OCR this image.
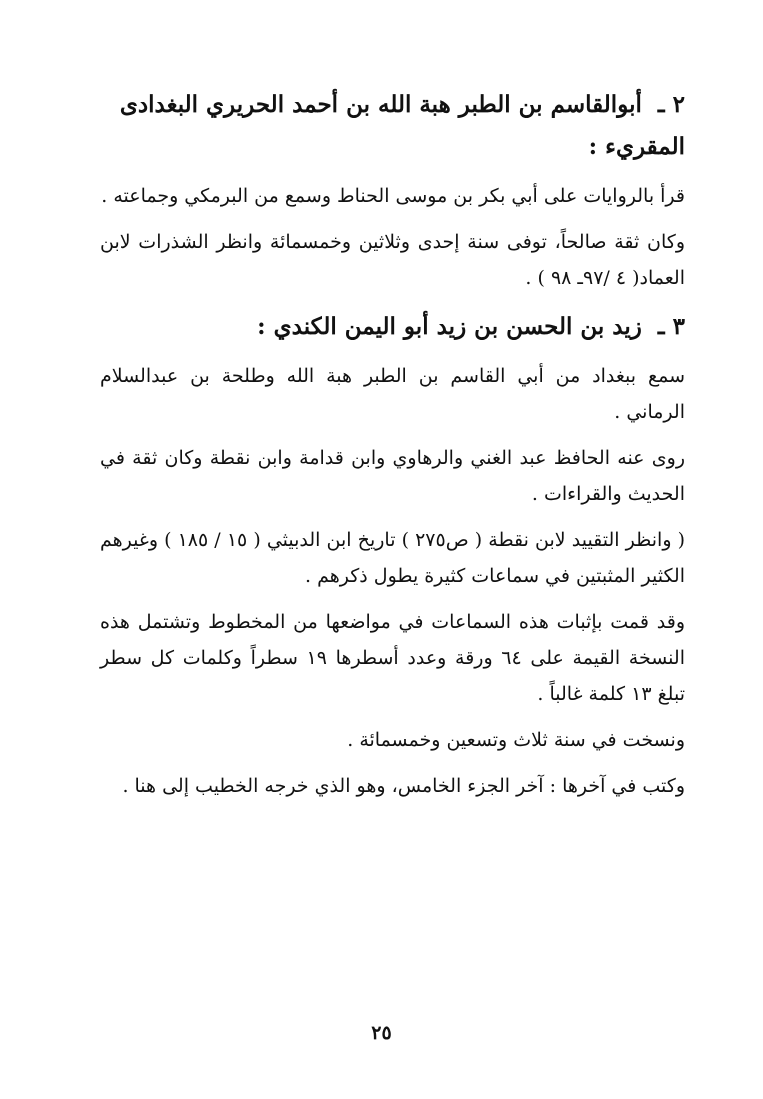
٢ ـ أبوالقاسم بن الطبر هبة الله بن أحمد الحريري البغدادى

المقريء :

قرأ بالروايات على أبي بكر بن موسى الحناط وسمع من البرمكي وجماعته .

وكان ثقة صالحاً، توفى سنة إحدى وثلاثين وخمسمائة وانظر الشذرات لابن العماد( ٤ /٩٧ـ ٩٨ ) .

٣ ـ زيد بن الحسن بن زيد أبو اليمن الكندي :

سمع ببغداد من أبي القاسم بن الطبر هبة الله وطلحة بن عبدالسلام الرماني .

روى عنه الحافظ عبد الغني والرهاوي وابن قدامة وابن نقطة وكان ثقة في الحديث والقراءات .

( وانظر التقييد لابن نقطة ( ص٢٧٥ ) تاريخ ابن الدبيثي ( ١٥ / ١٨٥ ) وغيرهم الكثير المثبتين في سماعات كثيرة يطول ذكرهم .

وقد قمت بإثبات هذه السماعات في مواضعها من المخطوط وتشتمل هذه النسخة القيمة على ٦٤ ورقة وعدد أسطرها ١٩ سطراً وكلمات كل سطر تبلغ ١٣ كلمة غالباً .

ونسخت في سنة ثلاث وتسعين وخمسمائة .

وكتب في آخرها : آخر الجزء الخامس، وهو الذي خرجه الخطيب إلى هنا .

٢٥
